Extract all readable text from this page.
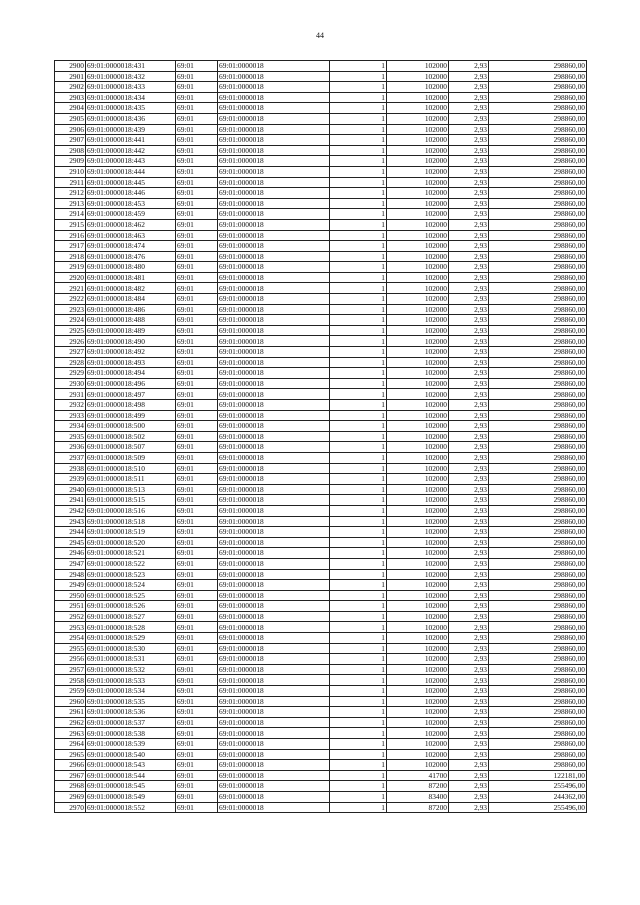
44
2900	69:01:0000018:431	69:01	69:01:0000018	1	102000	2,93	298860,00
2901	69:01:0000018:432	69:01	69:01:0000018	1	102000	2,93	298860,00
2902	69:01:0000018:433	69:01	69:01:0000018	1	102000	2,93	298860,00
2903	69:01:0000018:434	69:01	69:01:0000018	1	102000	2,93	298860,00
2904	69:01:0000018:435	69:01	69:01:0000018	1	102000	2,93	298860,00
2905	69:01:0000018:436	69:01	69:01:0000018	1	102000	2,93	298860,00
2906	69:01:0000018:439	69:01	69:01:0000018	1	102000	2,93	298860,00
2907	69:01:0000018:441	69:01	69:01:0000018	1	102000	2,93	298860,00
2908	69:01:0000018:442	69:01	69:01:0000018	1	102000	2,93	298860,00
2909	69:01:0000018:443	69:01	69:01:0000018	1	102000	2,93	298860,00
2910	69:01:0000018:444	69:01	69:01:0000018	1	102000	2,93	298860,00
2911	69:01:0000018:445	69:01	69:01:0000018	1	102000	2,93	298860,00
2912	69:01:0000018:446	69:01	69:01:0000018	1	102000	2,93	298860,00
2913	69:01:0000018:453	69:01	69:01:0000018	1	102000	2,93	298860,00
2914	69:01:0000018:459	69:01	69:01:0000018	1	102000	2,93	298860,00
2915	69:01:0000018:462	69:01	69:01:0000018	1	102000	2,93	298860,00
2916	69:01:0000018:463	69:01	69:01:0000018	1	102000	2,93	298860,00
2917	69:01:0000018:474	69:01	69:01:0000018	1	102000	2,93	298860,00
2918	69:01:0000018:476	69:01	69:01:0000018	1	102000	2,93	298860,00
2919	69:01:0000018:480	69:01	69:01:0000018	1	102000	2,93	298860,00
2920	69:01:0000018:481	69:01	69:01:0000018	1	102000	2,93	298860,00
2921	69:01:0000018:482	69:01	69:01:0000018	1	102000	2,93	298860,00
2922	69:01:0000018:484	69:01	69:01:0000018	1	102000	2,93	298860,00
2923	69:01:0000018:486	69:01	69:01:0000018	1	102000	2,93	298860,00
2924	69:01:0000018:488	69:01	69:01:0000018	1	102000	2,93	298860,00
2925	69:01:0000018:489	69:01	69:01:0000018	1	102000	2,93	298860,00
2926	69:01:0000018:490	69:01	69:01:0000018	1	102000	2,93	298860,00
2927	69:01:0000018:492	69:01	69:01:0000018	1	102000	2,93	298860,00
2928	69:01:0000018:493	69:01	69:01:0000018	1	102000	2,93	298860,00
2929	69:01:0000018:494	69:01	69:01:0000018	1	102000	2,93	298860,00
2930	69:01:0000018:496	69:01	69:01:0000018	1	102000	2,93	298860,00
2931	69:01:0000018:497	69:01	69:01:0000018	1	102000	2,93	298860,00
2932	69:01:0000018:498	69:01	69:01:0000018	1	102000	2,93	298860,00
2933	69:01:0000018:499	69:01	69:01:0000018	1	102000	2,93	298860,00
2934	69:01:0000018:500	69:01	69:01:0000018	1	102000	2,93	298860,00
2935	69:01:0000018:502	69:01	69:01:0000018	1	102000	2,93	298860,00
2936	69:01:0000018:507	69:01	69:01:0000018	1	102000	2,93	298860,00
2937	69:01:0000018:509	69:01	69:01:0000018	1	102000	2,93	298860,00
2938	69:01:0000018:510	69:01	69:01:0000018	1	102000	2,93	298860,00
2939	69:01:0000018:511	69:01	69:01:0000018	1	102000	2,93	298860,00
2940	69:01:0000018:513	69:01	69:01:0000018	1	102000	2,93	298860,00
2941	69:01:0000018:515	69:01	69:01:0000018	1	102000	2,93	298860,00
2942	69:01:0000018:516	69:01	69:01:0000018	1	102000	2,93	298860,00
2943	69:01:0000018:518	69:01	69:01:0000018	1	102000	2,93	298860,00
2944	69:01:0000018:519	69:01	69:01:0000018	1	102000	2,93	298860,00
2945	69:01:0000018:520	69:01	69:01:0000018	1	102000	2,93	298860,00
2946	69:01:0000018:521	69:01	69:01:0000018	1	102000	2,93	298860,00
2947	69:01:0000018:522	69:01	69:01:0000018	1	102000	2,93	298860,00
2948	69:01:0000018:523	69:01	69:01:0000018	1	102000	2,93	298860,00
2949	69:01:0000018:524	69:01	69:01:0000018	1	102000	2,93	298860,00
2950	69:01:0000018:525	69:01	69:01:0000018	1	102000	2,93	298860,00
2951	69:01:0000018:526	69:01	69:01:0000018	1	102000	2,93	298860,00
2952	69:01:0000018:527	69:01	69:01:0000018	1	102000	2,93	298860,00
2953	69:01:0000018:528	69:01	69:01:0000018	1	102000	2,93	298860,00
2954	69:01:0000018:529	69:01	69:01:0000018	1	102000	2,93	298860,00
2955	69:01:0000018:530	69:01	69:01:0000018	1	102000	2,93	298860,00
2956	69:01:0000018:531	69:01	69:01:0000018	1	102000	2,93	298860,00
2957	69:01:0000018:532	69:01	69:01:0000018	1	102000	2,93	298860,00
2958	69:01:0000018:533	69:01	69:01:0000018	1	102000	2,93	298860,00
2959	69:01:0000018:534	69:01	69:01:0000018	1	102000	2,93	298860,00
2960	69:01:0000018:535	69:01	69:01:0000018	1	102000	2,93	298860,00
2961	69:01:0000018:536	69:01	69:01:0000018	1	102000	2,93	298860,00
2962	69:01:0000018:537	69:01	69:01:0000018	1	102000	2,93	298860,00
2963	69:01:0000018:538	69:01	69:01:0000018	1	102000	2,93	298860,00
2964	69:01:0000018:539	69:01	69:01:0000018	1	102000	2,93	298860,00
2965	69:01:0000018:540	69:01	69:01:0000018	1	102000	2,93	298860,00
2966	69:01:0000018:543	69:01	69:01:0000018	1	102000	2,93	298860,00
2967	69:01:0000018:544	69:01	69:01:0000018	1	41700	2,93	122181,00
2968	69:01:0000018:545	69:01	69:01:0000018	1	87200	2,93	255496,00
2969	69:01:0000018:549	69:01	69:01:0000018	1	83400	2,93	244362,00
2970	69:01:0000018:552	69:01	69:01:0000018	1	87200	2,93	255496,00
